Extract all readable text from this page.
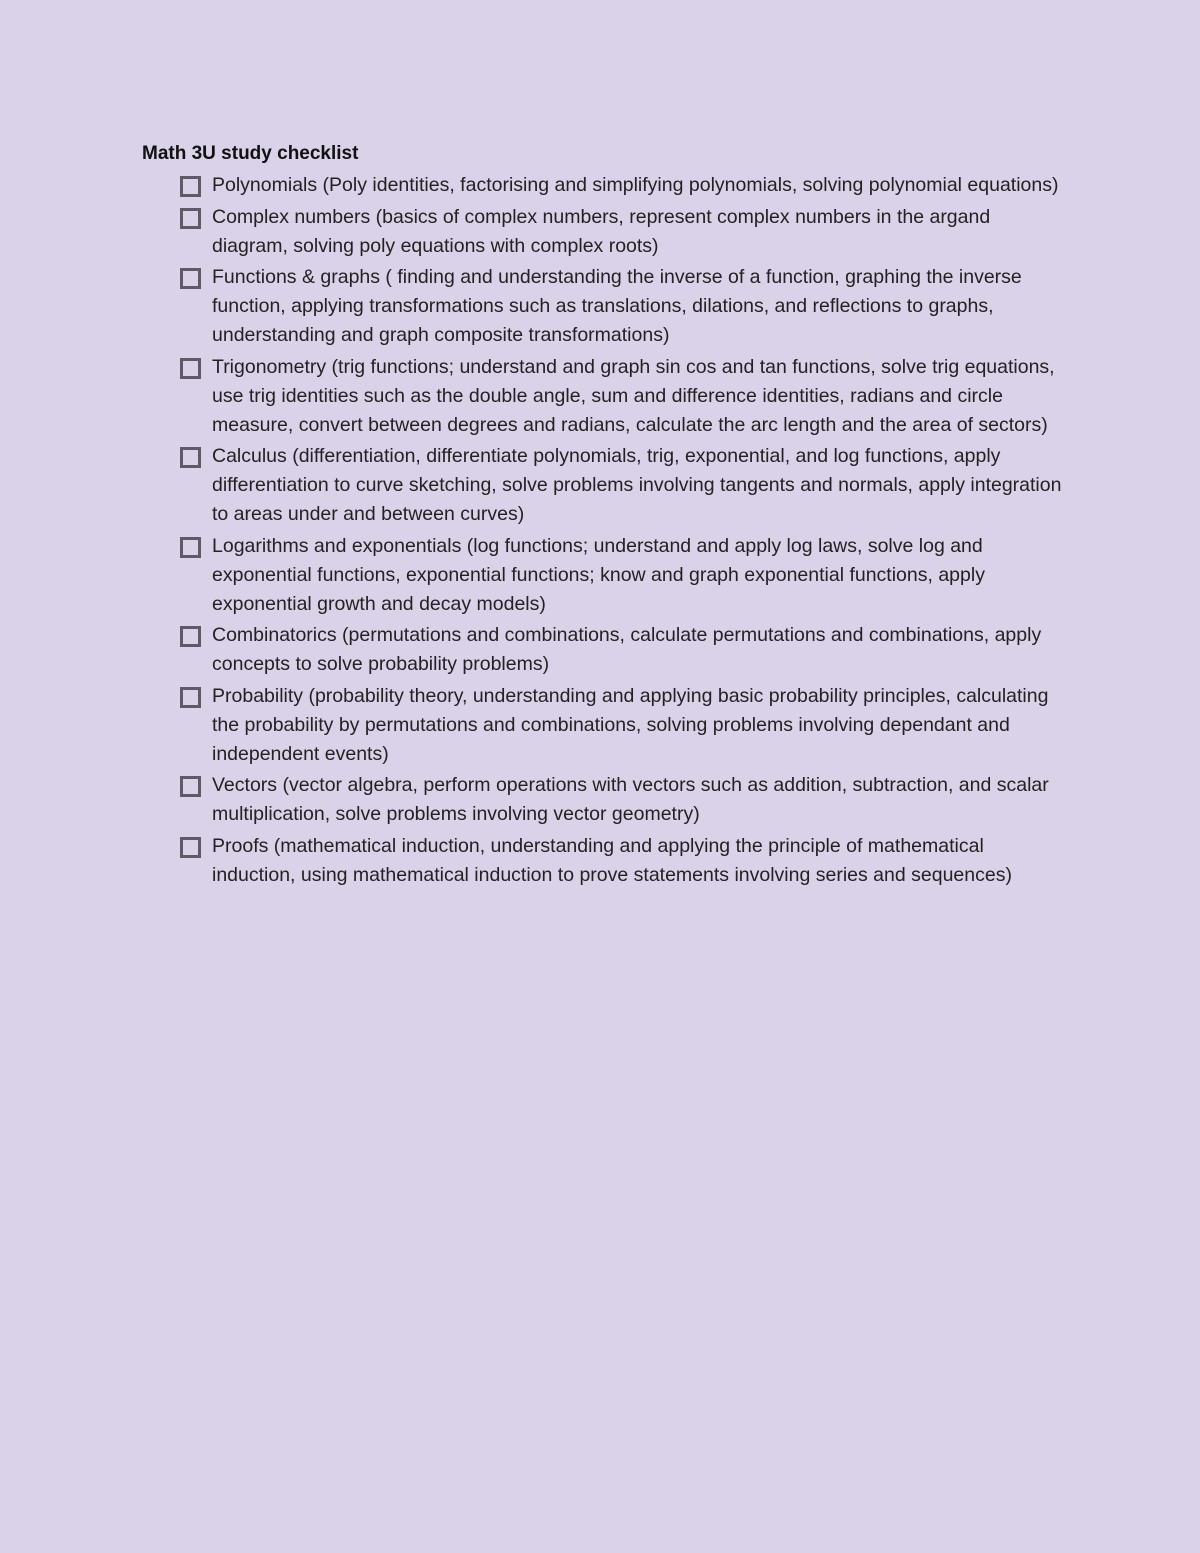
Math 3U study checklist
Polynomials (Poly identities, factorising and simplifying polynomials, solving polynomial equations)
Complex numbers (basics of complex numbers, represent complex numbers in the argand diagram, solving poly equations with complex roots)
Functions & graphs ( finding and understanding the inverse of a function, graphing the inverse function, applying transformations such as translations, dilations, and reflections to graphs, understanding and graph composite transformations)
Trigonometry (trig functions; understand and graph sin cos and tan functions, solve trig equations, use trig identities such as the double angle, sum and difference identities, radians and circle measure, convert between degrees and radians, calculate the arc length and the area of sectors)
Calculus (differentiation, differentiate polynomials, trig, exponential, and log functions, apply differentiation to curve sketching, solve problems involving tangents and normals, apply integration to areas under and between curves)
Logarithms and exponentials (log functions; understand and apply log laws, solve log and exponential functions, exponential functions; know and graph exponential functions, apply exponential growth and decay models)
Combinatorics (permutations and combinations, calculate permutations and combinations, apply concepts to solve probability problems)
Probability (probability theory, understanding and applying basic probability principles, calculating the probability by permutations and combinations, solving problems involving dependant and independent events)
Vectors (vector algebra, perform operations with vectors such as addition, subtraction, and scalar multiplication, solve problems involving vector geometry)
Proofs (mathematical induction, understanding and applying the principle of mathematical induction, using mathematical induction to prove statements involving series and sequences)
